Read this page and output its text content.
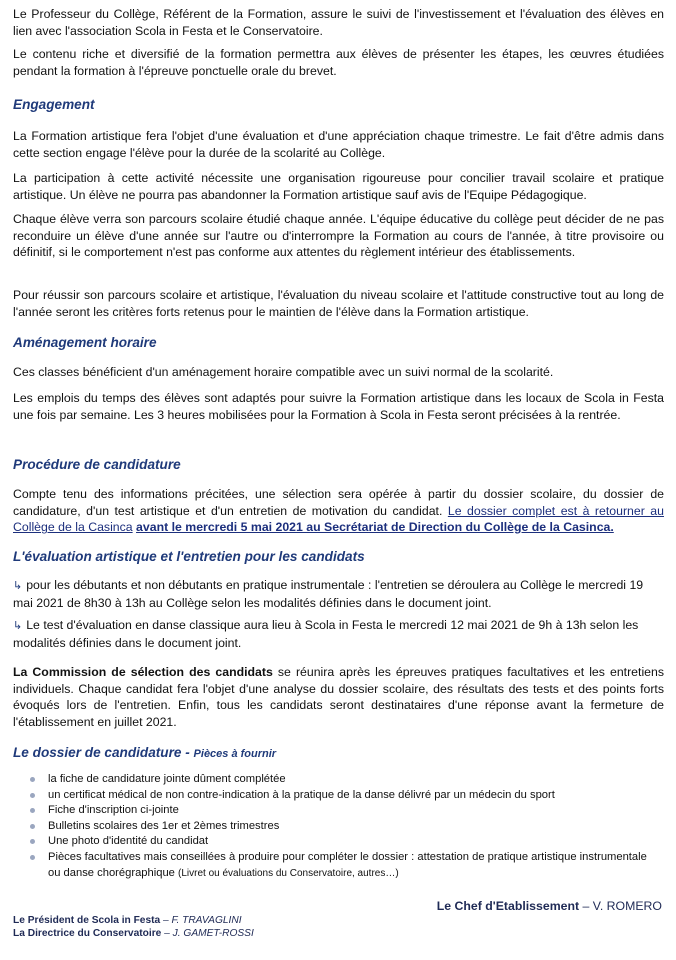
Le Professeur du Collège, Référent de la Formation, assure le suivi de l'investissement et l'évaluation des élèves en lien avec l'association Scola in Festa et le Conservatoire.

Le contenu riche et diversifié de la formation permettra aux élèves de présenter les étapes, les œuvres étudiées pendant la formation à l'épreuve ponctuelle orale du brevet.

Engagement

La Formation artistique fera l'objet d'une évaluation et d'une appréciation chaque trimestre. Le fait d'être admis dans cette section engage l'élève pour la durée de la scolarité au Collège.

La participation à cette activité nécessite une organisation rigoureuse pour concilier travail scolaire et pratique artistique. Un élève ne pourra pas abandonner la Formation artistique sauf avis de l'Equipe Pédagogique.

Chaque élève verra son parcours scolaire étudié chaque année. L'équipe éducative du collège peut décider de ne pas reconduire un élève d'une année sur l'autre ou d'interrompre la Formation au cours de l'année, à titre provisoire ou définitif, si le comportement n'est pas conforme aux attentes du règlement intérieur des établissements.

Pour réussir son parcours scolaire et artistique, l'évaluation du niveau scolaire et l'attitude constructive tout au long de l'année seront les critères forts retenus pour le maintien de l'élève dans la Formation artistique.

Aménagement horaire

Ces classes bénéficient d'un aménagement horaire compatible avec un suivi normal de la scolarité.

Les emplois du temps des élèves sont adaptés pour suivre la Formation artistique dans les locaux de Scola in Festa une fois par semaine. Les 3 heures mobilisées pour la Formation à Scola in Festa seront précisées à la rentrée.

Procédure de candidature

Compte tenu des informations précitées, une sélection sera opérée à partir du dossier scolaire, du dossier de candidature, d'un test artistique et d'un entretien de motivation du candidat. Le dossier complet est à retourner au Collège de la Casinca avant le mercredi 5 mai 2021 au Secrétariat de Direction du Collège de la Casinca.

L'évaluation artistique et l'entretien pour les candidats

↳ pour les débutants et non débutants en pratique instrumentale : l'entretien se déroulera au Collège le mercredi 19 mai 2021 de 8h30 à 13h au Collège selon les modalités définies dans le document joint.

↳ Le test d'évaluation en danse classique aura lieu à Scola in Festa le mercredi 12 mai 2021 de 9h à 13h selon les modalités définies dans le document joint.

La Commission de sélection des candidats se réunira après les épreuves pratiques facultatives et les entretiens individuels. Chaque candidat fera l'objet d'une analyse du dossier scolaire, des résultats des tests et des points forts évoqués lors de l'entretien. Enfin, tous les candidats seront destinataires d'une réponse avant la fermeture de l'établissement en juillet 2021.

Le dossier de candidature - Pièces à fournir
la fiche de candidature jointe dûment complétée
un certificat médical de non contre-indication à la pratique de la danse délivré par un médecin du sport
Fiche d'inscription ci-jointe
Bulletins scolaires des 1er et 2èmes trimestres
Une photo d'identité du candidat
Pièces facultatives mais conseillées à produire pour compléter le dossier : attestation de pratique artistique instrumentale ou danse chorégraphique (Livret ou évaluations du Conservatoire, autres…)

Le Chef d'Etablissement – V. ROMERO

Le Président de Scola in Festa – F. TRAVAGLINI

La Directrice du Conservatoire – J. GAMET-ROSSI
